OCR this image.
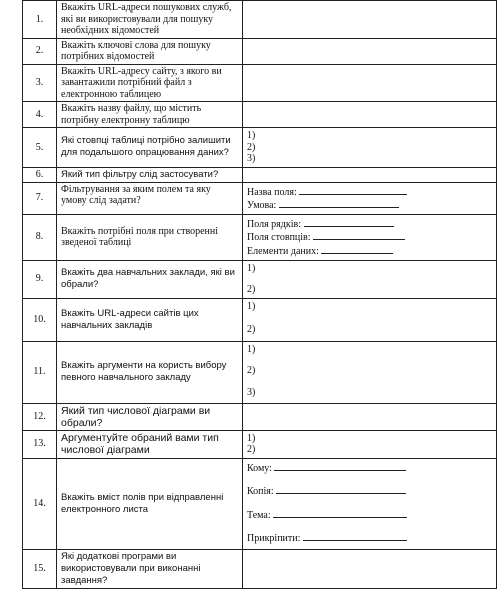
1.	Вкажіть URL-адреси пошукових служб, які ви використовували для пошуку необхідних відомостей	
2.	Вкажіть ключові слова для пошуку потрібних відомостей	
3.	Вкажіть URL-адресу сайту, з якого ви завантажили потрібний файл з електронною таблицею	
4.	Вкажіть назву файлу, що містить потрібну електронну таблицю	
5.	Які стовпці таблиці потрібно залишити для подальшого опрацювання даних?	1)
2)
3)

6.	Який тип фільтру слід застосувати?	
7.	Фільтрування за яким полем та яку умову слід задати?	Назва поля:
Умова:

8.	Вкажіть потрібні поля при створенні зведеної таблиці	Поля рядків:
Поля стовпців:
Елементи даних:

9.	Вкажіть два навчальних заклади, які ви обрали?	1)
2)

10.	Вкажіть URL-адреси сайтів цих навчальних закладів	1)
2)

11.	Вкажіть аргументи на користь вибору певного навчального закладу	1)
2)
3)

12.	Який тип числової діаграми ви обрали?	
13.	Аргументуйте обраний вами тип числової діаграми	1)
2)

14.	Вкажіть вміст полів при відправленні електронного листа	Кому:
Копія:
Тема:
Прикріпити:

15.	Які додаткові програми ви використовували при виконанні завдання?	
